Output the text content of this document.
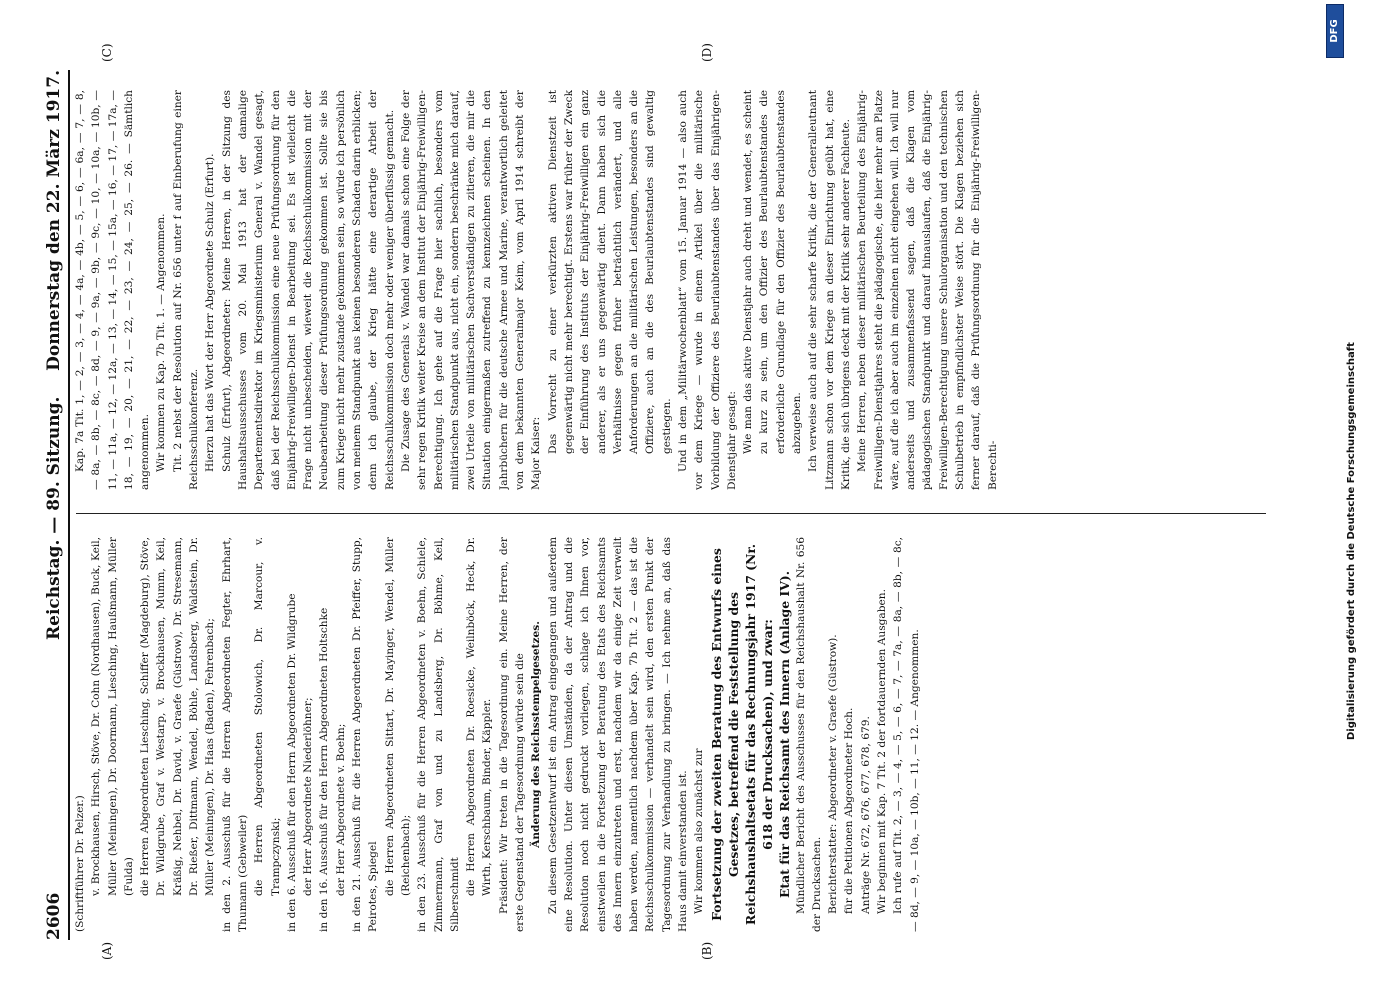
2606
Reichstag. — 89. Sitzung.
Donnerstag den 22. März 1917.
(A)	(B)
(C)	(D)

(Schriftführer Dr. Pelzer.) v. Brockhausen, Hirsch, Stöve, Dr. Cohn (Nordhausen), Buck, Keil, Müller (Meiningen), Dr. Doormann, Liesching, Haußmann, Müller (Fulda) die Herren Abgeordneten Liesching, Schiffer (Magdeburg), Stöve, Dr. Wildgrube, Graf v. Westarp, v. Brockhausen, Mumm, Keil, Kräßig, Nehbel, Dr. David, v. Graefe (Güstrow), Dr. Stresemann, Dr. Rießer, Dittmann, Wendel, Böhle, Landsberg, Waldstein, Dr. Müller (Meiningen), Dr. Haas (Baden), Fehrenbach; in den 2. Ausschuß für die Herren Abgeordneten Fegter, Ehrhart, Thumann (Gebweiler) die Herren Abgeordneten Stolowich, Dr. Marcour, v. Trampczynski; in den 6. Ausschuß für den Herrn Abgeordneten Dr. Wildgrube der Herr Abgeordnete Niederlöhner; in den 16. Ausschuß für den Herrn Abgeordneten Holtschke der Herr Abgeordnete v. Boehn; in den 21. Ausschuß für die Herren Abgeordneten Dr. Pfeiffer, Stupp, Peirotes, Spiegel die Herren Abgeordneten Sittart, Dr. Mayinger, Wendel, Müller (Reichenbach); in den 23. Ausschuß für die Herren Abgeordneten v. Boehn, Schiele, Zimmermann, Graf von und zu Landsberg, Dr. Böhme, Keil, Silberschmidt die Herren Abgeordneten Dr. Roesicke, Weilnböck, Heck, Dr. Wirth, Kerschbaum, Binder, Käppler. Präsident: Wir treten in die Tagesordnung ein. Meine Herren, der erste Gegenstand der Tagesordnung würde sein die Änderung des Reichsstempelgesetzes. Zu diesem Gesetzentwurf ist ein Antrag eingegangen und außerdem eine Resolution. Unter diesen Umständen, da der Antrag und die Resolution noch nicht gedruckt vorliegen, schlage ich Ihnen vor, einstweilen in die Fortsetzung der Beratung des Etats des Reichsamts des Innern einzutreten und erst, nachdem wir da einige Zeit verweilt haben werden, namentlich nachdem über Kap. 7b Tit. 2 — das ist die Reichsschulkommission — verhandelt sein wird, den ersten Punkt der Tagesordnung zur Verhandlung zu bringen. — Ich nehme an, daß das Haus damit einverstanden ist. Wir kommen also zunächst zur Fortsetzung der zweiten Beratung des Entwurfs eines Gesetzes, betreffend die Feststellung des Reichshaushaltsetats für das Rechnungsjahr 1917 (Nr. 618 der Drucksachen), und zwar: Etat für das Reichsamt des Innern (Anlage IV). Mündlicher Bericht des Ausschusses für den Reichshaushalt Nr. 656 der Drucksachen. Berichterstatter: Abgeordneter v. Graefe (Güstrow). für die Petitionen Abgeordneter Hoch. Anträge Nr. 672, 676, 677, 678, 679. Wir beginnen mit Kap. 7 Tit. 2 der fortdauernden Ausgaben. Ich rufe auf Tit. 2, — 3, — 4, — 5, — 6, — 7, — 7a, — 8a, — 8b, — 8c, — 8d, — 9, — 10a, — 10b, — 11, — 12. — Angenommen.

Kap. 7a Tit. 1, — 2, — 3, — 4, — 4a, — 4b, — 5, — 6, — 6a, — 7, — 8, — 8a, — 8b, — 8c, — 8d, — 9, — 9a, — 9b, — 9c, — 10, — 10a, — 10b, — 11, — 11a, — 12, — 12a, — 13, — 14, — 15, — 15a, — 16, — 17, — 17a, — 18, — 19, — 20, — 21, — 22, — 23, — 24, — 25, — 26. — Sämtlich angenommen. Wir kommen zu Kap. 7b Tit. 1. — Angenommen. Tit. 2 nebst der Resolution auf Nr. 656 unter f auf Einberufung einer Reichsschulkonferenz. Hierzu hat das Wort der Herr Abgeordnete Schulz (Erfurt). Schulz (Erfurt), Abgeordneter: Meine Herren, in der Sitzung des Haushaltsausschusses vom 20. Mai 1913 hat der damalige Departementsdirektor im Kriegsministerium General v. Wandel gesagt, daß bei der Reichsschulkommission eine neue Prüfungsordnung für den Einjährig-Freiwilligen-Dienst in Bearbeitung sei. Es ist vielleicht die Frage nicht unbescheiden, wieweit die Reichsschulkommission mit der Neubearbeitung dieser Prüfungsordnung gekommen ist. Sollte sie bis zum Kriege nicht mehr zustande gekommen sein, so würde ich persönlich von meinem Standpunkt aus keinen besonderen Schaden darin erblicken; denn ich glaube, der Krieg hätte eine derartige Arbeit der Reichsschulkommission doch mehr oder weniger überflüssig gemacht. Die Zusage des Generals v. Wandel war damals schon eine Folge der sehr regen Kritik weiter Kreise an dem Institut der Einjährig-Freiwilligen-Berechtigung. Ich gehe auf die Frage hier sachlich, besonders vom militärischen Standpunkt aus, nicht ein, sondern beschränke mich darauf, zwei Urteile von militärischen Sachverständigen zu zitieren, die mir die Situation einigermaßen zutreffend zu kennzeichnen scheinen. In den Jahrbüchern für die deutsche Armee und Marine, verantwortlich geleitet von dem bekannten Generalmajor Keim, vom April 1914 schreibt der Major Kaiser: Das Vorrecht zu einer verkürzten aktiven Dienstzeit ist gegenwärtig nicht mehr berechtigt. Erstens war früher der Zweck der Einführung des Instituts der Einjährig-Freiwilligen ein ganz anderer, als er uns gegenwärtig dient. Dann haben sich die Verhältnisse gegen früher beträchtlich verändert, und alle Anforderungen an die militärischen Leistungen, besonders an die Offiziere, auch an die des Beurlaubtenstandes sind gewaltig gestiegen. Und in dem „Militärwochenblatt“ vom 15. Januar 1914 — also auch vor dem Kriege — wurde in einem Artikel über die militärische Vorbildung der Offiziere des Beurlaubtenstandes über das Einjährigen-Dienstjahr gesagt: Wie man das aktive Dienstjahr auch dreht und wendet, es scheint zu kurz zu sein, um den Offizier des Beurlaubtenstandes die erforderliche Grundlage für den Offizier des Beurlaubtenstandes abzugeben. Ich verweise auch auf die sehr scharfe Kritik, die der Generalleutnant Litzmann schon vor dem Kriege an dieser Einrichtung geübt hat, eine Kritik, die sich übrigens deckt mit der Kritik sehr anderer Fachleute. Meine Herren, neben dieser militärischen Beurteilung des Einjährig-Freiwilligen-Dienstjahres steht die pädagogische, die hier mehr am Platze wäre, auf die ich aber auch im einzelnen nicht eingehen will. Ich will nur anderseits und zusammenfassend sagen, daß die Klagen vom pädagogischen Standpunkt und darauf hinauslaufen, daß die Einjährig-Freiwilligen-Berechtigung unsere Schulorganisation und den technischen Schulbetrieb in empfindlichster Weise stört. Die Klagen beziehen sich ferner darauf, daß die Prüfungsordnung für die Einjährig-Freiwilligen-Berechti-	Digitalisierung gefördert durch die Deutsche Forschungsgemeinschaft
DFG
